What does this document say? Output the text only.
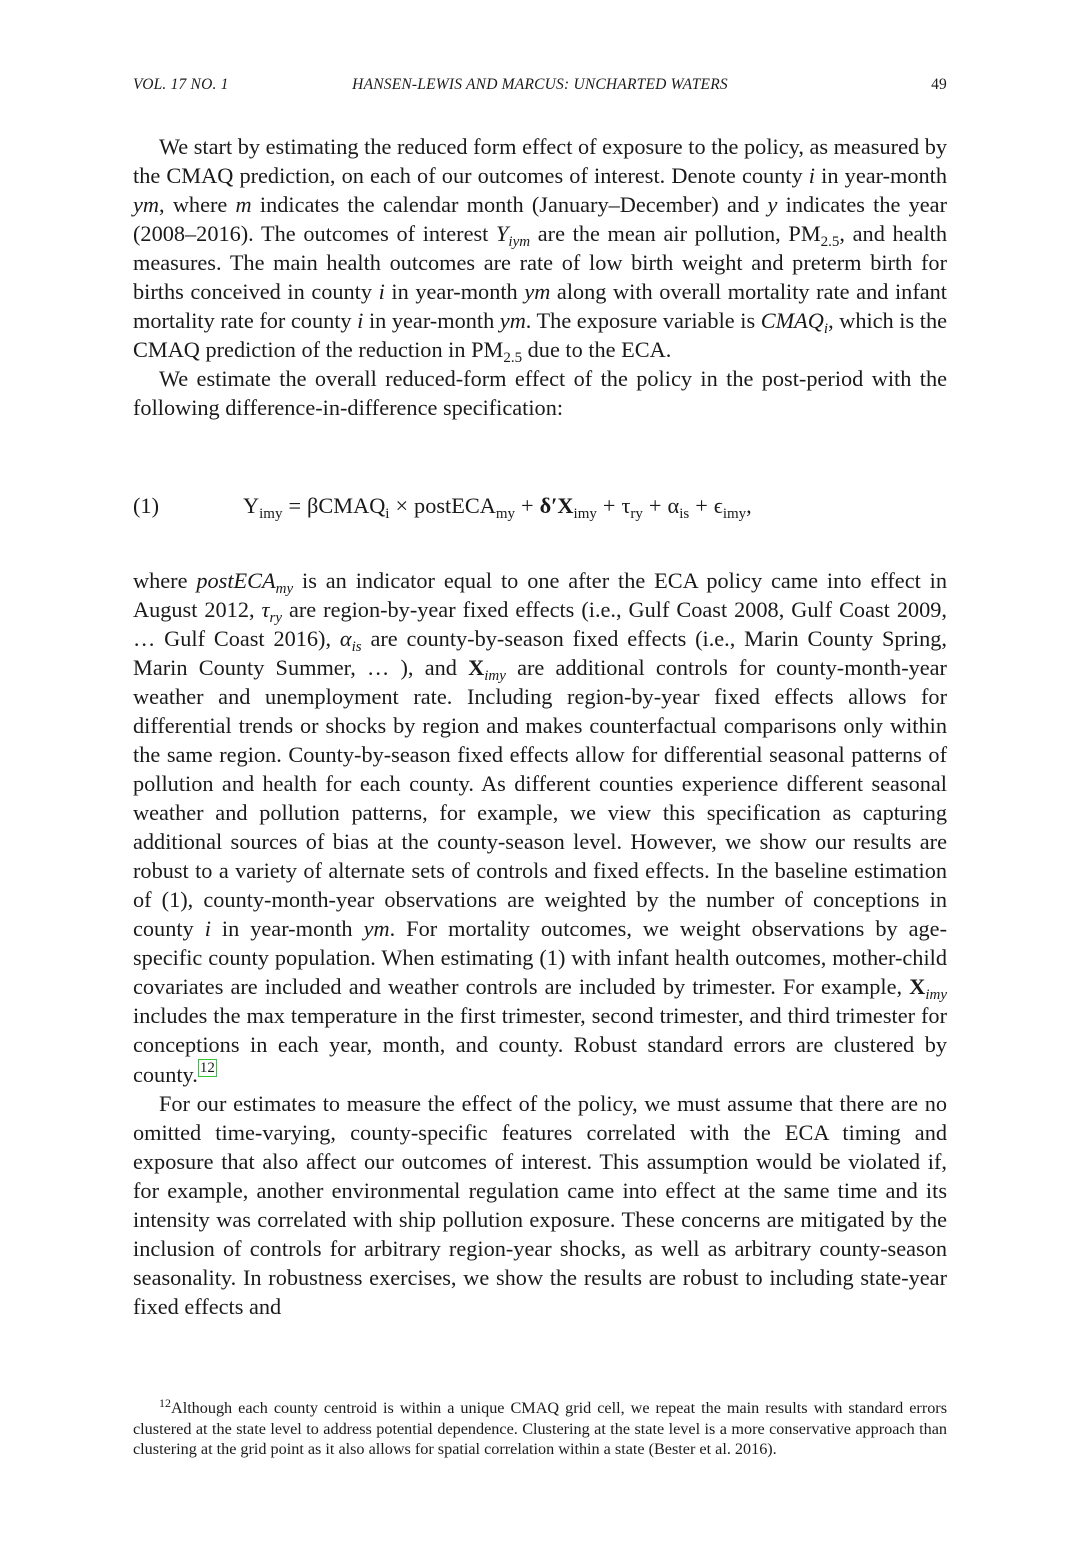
VOL. 17 NO. 1	HANSEN-LEWIS AND MARCUS: UNCHARTED WATERS	49

We start by estimating the reduced form effect of exposure to the policy, as measured by the CMAQ prediction, on each of our outcomes of interest. Denote county i in year-month ym, where m indicates the calendar month (January–December) and y indicates the year (2008–2016). The outcomes of interest $Y_{iym}$ are the mean air pollution, $PM_{2.5}$, and health measures. The main health outcomes are rate of low birth weight and preterm birth for births conceived in county i in year-month ym along with overall mortality rate and infant mortality rate for county i in year-month ym. The exposure variable is $CMAQ_i$, which is the CMAQ prediction of the reduction in $PM_{2.5}$ due to the ECA.

We estimate the overall reduced-form effect of the policy in the post-period with the following difference-in-difference specification:

(1)	$Y_{imy}$ = βCMAQ$_i$ × postECA$_{my}$ + $\delta'X_{imy} + \tau_{ry} + \alpha_{is} + \epsilon_{imy}$,

where postECA$_{my}$ is an indicator equal to one after the ECA policy came into effect in August 2012, $\tau_{ry}$ are region-by-year fixed effects (i.e., Gulf Coast 2008, Gulf Coast 2009, … Gulf Coast 2016), $\alpha_{is}$ are county-by-season fixed effects (i.e., Marin County Spring, Marin County Summer, … ), and $X_{imy}$ are additional controls for county-month-year weather and unemployment rate. Including region-by-year fixed effects allows for differential trends or shocks by region and makes counterfactual comparisons only within the same region. County-by-season fixed effects allow for differential seasonal patterns of pollution and health for each county. As different counties experience different seasonal weather and pollution patterns, for example, we view this specification as capturing additional sources of bias at the county-season level. However, we show our results are robust to a variety of alternate sets of controls and fixed effects. In the baseline estimation of (1), county-month-year observations are weighted by the number of conceptions in county i in year-month ym. For mortality outcomes, we weight observations by age-specific county population. When estimating (1) with infant health outcomes, mother-child covariates are included and weather controls are included by trimester. For example, $X_{imy}$ includes the max temperature in the first trimester, second trimester, and third trimester for conceptions in each year, month, and county. Robust standard errors are clustered by county. 12

For our estimates to measure the effect of the policy, we must assume that there are no omitted time-varying, county-specific features correlated with the ECA timing and exposure that also affect our outcomes of interest. This assumption would be violated if, for example, another environmental regulation came into effect at the same time and its intensity was correlated with ship pollution exposure. These concerns are mitigated by the inclusion of controls for arbitrary region-year shocks, as well as arbitrary county-season seasonality. In robustness exercises, we show the results are robust to including state-year fixed effects and

$^{12}$Although each county centroid is within a unique CMAQ grid cell, we repeat the main results with standard errors clustered at the state level to address potential dependence. Clustering at the state level is a more conservative approach than clustering at the grid point as it also allows for spatial correlation within a state (Bester et al. 2016).
